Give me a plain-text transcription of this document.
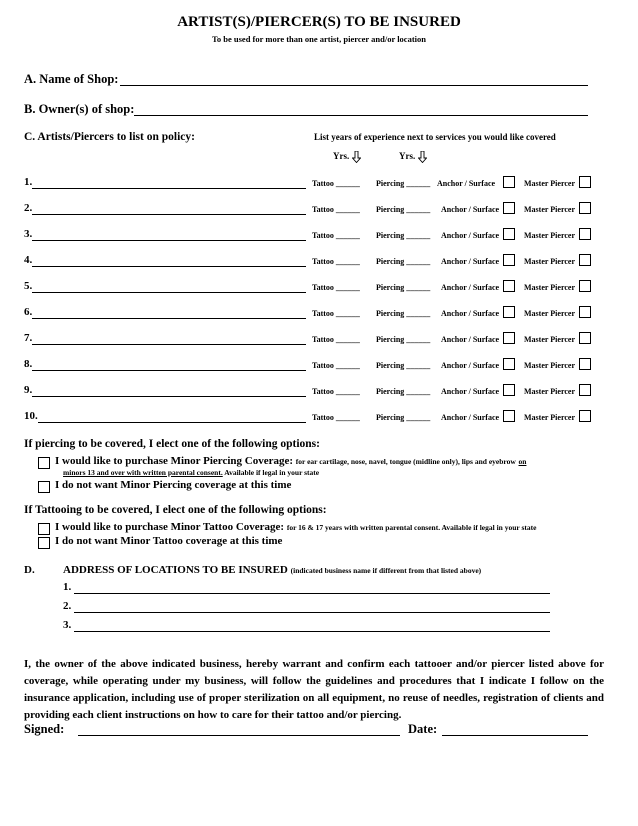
ARTIST(S)/PIERCER(S) TO BE INSURED
To be used for more than one artist, piercer and/or location
A. Name of Shop:
B. Owner(s) of shop:
C. Artists/Piercers to list on policy:	List years of experience next to services you would like covered
Yrs.	Yrs.
1.	Tattoo ______ Piercing ______ Anchor / Surface	Master Piercer
2.	Tattoo ______ Piercing ______ Anchor / Surface	Master Piercer
3.	Tattoo ______ Piercing ______ Anchor / Surface	Master Piercer
4.	Tattoo ______ Piercing ______ Anchor / Surface	Master Piercer
5.	Tattoo ______ Piercing ______ Anchor / Surface	Master Piercer
6.	Tattoo ______ Piercing ______ Anchor / Surface	Master Piercer
7.	Tattoo ______ Piercing ______ Anchor / Surface	Master Piercer
8.	Tattoo ______ Piercing ______ Anchor / Surface	Master Piercer
9.	Tattoo ______ Piercing ______ Anchor / Surface	Master Piercer
10.	Tattoo ______ Piercing ______ Anchor / Surface	Master Piercer
If piercing to be covered, I elect one of the following options:
I would like to purchase Minor Piercing Coverage: for ear cartilage, nose, navel, tongue (midline only), lips and eyebrow on
minors 13 and over with written parental consent. Available if legal in your state
I do not want Minor Piercing coverage at this time
If Tattooing to be covered, I elect one of the following options:
I would like to purchase Minor Tattoo Coverage: for 16 & 17 years with written parental consent. Available if legal in your state
I do not want Minor Tattoo coverage at this time
D.	ADDRESS OF LOCATIONS TO BE INSURED (indicated business name if different from that listed above)
1.
2.
3.
I, the owner of the above indicated business, hereby warrant and confirm each tattooer and/or piercer listed above for coverage, while operating under my business, will follow the guidelines and procedures that I indicate I follow on the insurance application, including use of proper sterilization on all equipment, no reuse of needles, registration of clients and providing each client instructions on how to care for their tattoo and/or piercing.
Signed:	Date:
